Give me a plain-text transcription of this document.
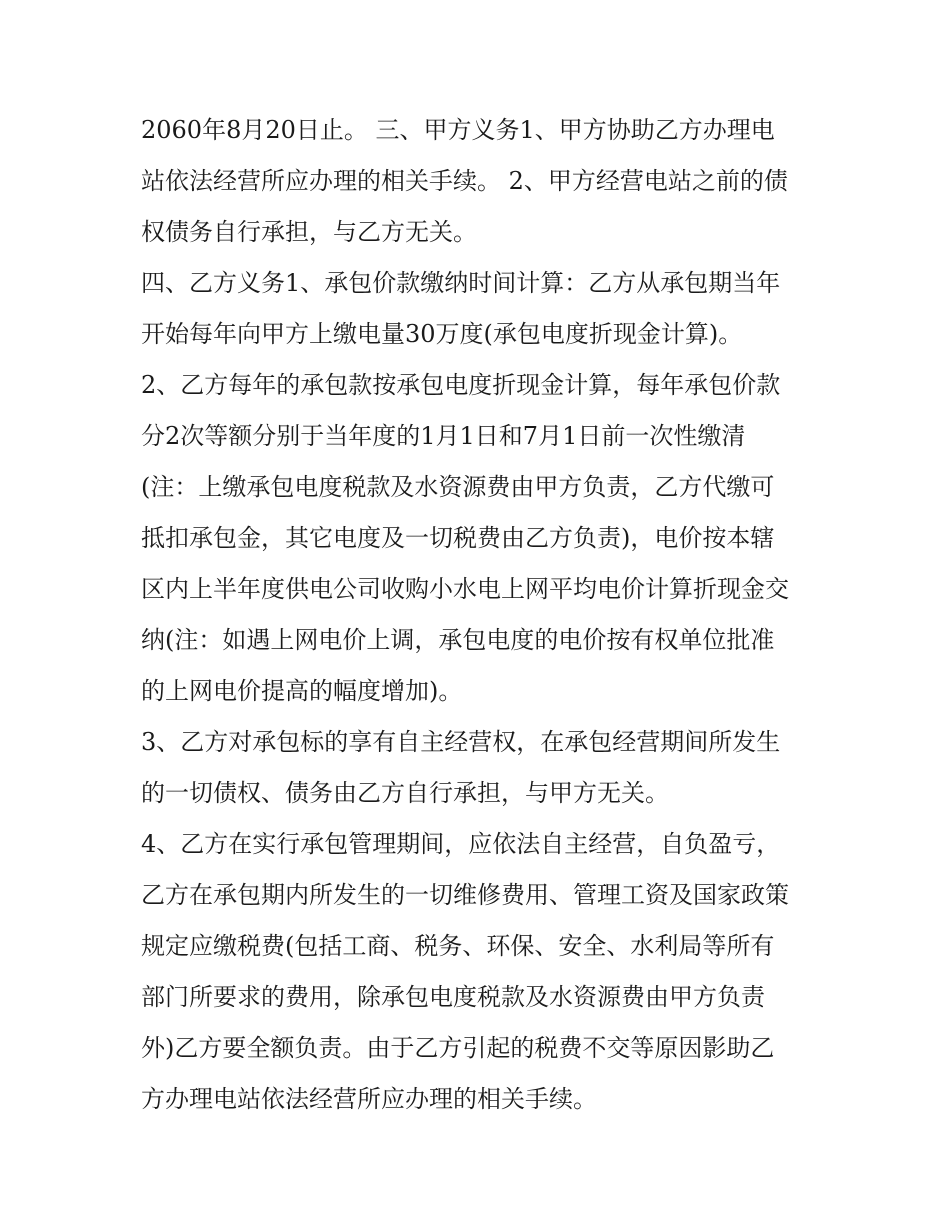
2060年8月20日止。 三、甲方义务1、甲方协助乙方办理电
站依法经营所应办理的相关手续。 2、甲方经营电站之前的债
权债务自行承担，与乙方无关。
四、乙方义务1、承包价款缴纳时间计算：乙方从承包期当年
开始每年向甲方上缴电量30万度(承包电度折现金计算)。
2、乙方每年的承包款按承包电度折现金计算，每年承包价款
分2次等额分别于当年度的1月1日和7月1日前一次性缴清
(注：上缴承包电度税款及水资源费由甲方负责，乙方代缴可
抵扣承包金，其它电度及一切税费由乙方负责)，电价按本辖
区内上半年度供电公司收购小水电上网平均电价计算折现金交
纳(注：如遇上网电价上调，承包电度的电价按有权单位批准
的上网电价提高的幅度增加)。
3、乙方对承包标的享有自主经营权，在承包经营期间所发生
的一切债权、债务由乙方自行承担，与甲方无关。
4、乙方在实行承包管理期间，应依法自主经营，自负盈亏，
乙方在承包期内所发生的一切维修费用、管理工资及国家政策
规定应缴税费(包括工商、税务、环保、安全、水利局等所有
部门所要求的费用，除承包电度税款及水资源费由甲方负责
外)乙方要全额负责。由于乙方引起的税费不交等原因影助乙
方办理电站依法经营所应办理的相关手续。
